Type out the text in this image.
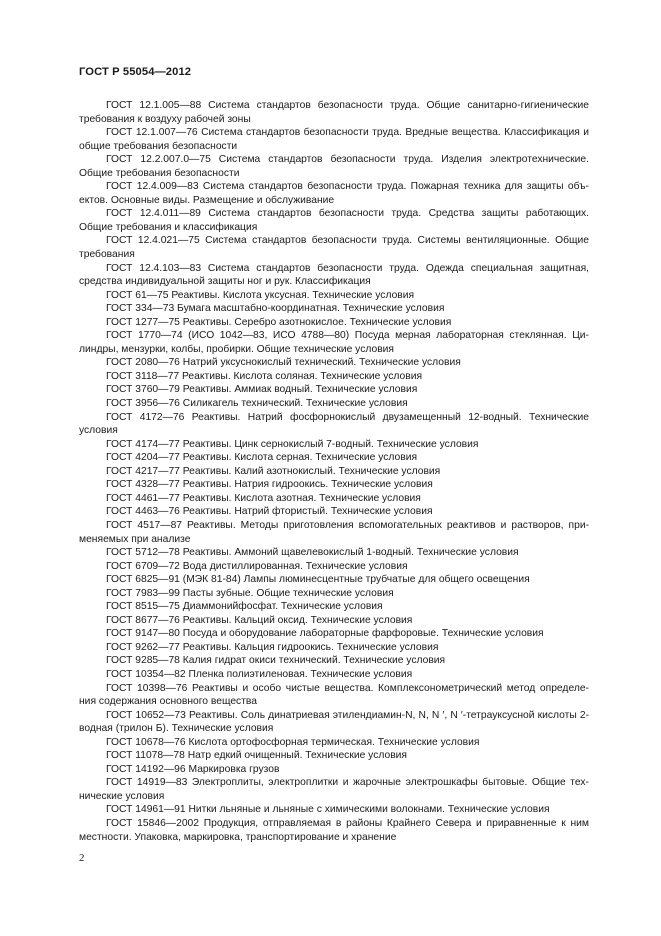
ГОСТ Р 55054—2012

ГОСТ 12.1.005—88 Система стандартов безопасности труда. Общие санитарно-гигиенические требования к воздуху рабочей зоны

ГОСТ 12.1.007—76 Система стандартов безопасности труда. Вредные вещества. Классификация и общие требования безопасности

ГОСТ 12.2.007.0—75 Система стандартов безопасности труда. Изделия электротехнические. Общие требования безопасности

ГОСТ 12.4.009—83 Система стандартов безопасности труда. Пожарная техника для защиты объ-ектов. Основные виды. Размещение и обслуживание

ГОСТ 12.4.011—89 Система стандартов безопасности труда. Средства защиты работающих. Общие требования и классификация

ГОСТ 12.4.021—75 Система стандартов безопасности труда. Системы вентиляционные. Общие требования

ГОСТ 12.4.103—83 Система стандартов безопасности труда. Одежда специальная защитная, средства индивидуальной защиты ног и рук. Классификация

ГОСТ 61—75 Реактивы. Кислота уксусная. Технические условия

ГОСТ 334—73 Бумага масштабно-координатная. Технические условия

ГОСТ 1277—75 Реактивы. Серебро азотнокислое. Технические условия

ГОСТ 1770—74 (ИСО 1042—83, ИСО 4788—80) Посуда мерная лабораторная стеклянная. Ци-линдры, мензурки, колбы, пробирки. Общие технические условия

ГОСТ 2080—76 Натрий уксуснокислый технический. Технические условия

ГОСТ 3118—77 Реактивы. Кислота соляная. Технические условия

ГОСТ 3760—79 Реактивы. Аммиак водный. Технические условия

ГОСТ 3956—76 Силикагель технический. Технические условия

ГОСТ 4172—76 Реактивы. Натрий фосфорнокислый двузамещенный 12-водный. Технические условия

ГОСТ 4174—77 Реактивы. Цинк сернокислый 7-водный. Технические условия

ГОСТ 4204—77 Реактивы. Кислота серная. Технические условия

ГОСТ 4217—77 Реактивы. Калий азотнокислый. Технические условия

ГОСТ 4328—77 Реактивы. Натрия гидроокись. Технические условия

ГОСТ 4461—77 Реактивы. Кислота азотная. Технические условия

ГОСТ 4463—76 Реактивы. Натрий фтористый. Технические условия

ГОСТ 4517—87 Реактивы. Методы приготовления вспомогательных реактивов и растворов, при-меняемых при анализе

ГОСТ 5712—78 Реактивы. Аммоний щавелевокислый 1-водный. Технические условия

ГОСТ 6709—72 Вода дистиллированная. Технические условия

ГОСТ 6825—91 (МЭК 81-84) Лампы люминесцентные трубчатые для общего освещения

ГОСТ 7983—99 Пасты зубные. Общие технические условия

ГОСТ 8515—75 Диаммонийфосфат. Технические условия

ГОСТ 8677—76 Реактивы. Кальций оксид. Технические условия

ГОСТ 9147—80 Посуда и оборудование лабораторные фарфоровые. Технические условия

ГОСТ 9262—77 Реактивы. Кальция гидроокись. Технические условия

ГОСТ 9285—78 Калия гидрат окиси технический. Технические условия

ГОСТ 10354—82 Пленка полиэтиленовая. Технические условия

ГОСТ 10398—76 Реактивы и особо чистые вещества. Комплексонометрический метод определе-ния содержания основного вещества

ГОСТ 10652—73 Реактивы. Соль динатриевая этилендиамин-N, N, N ′, N ′-тетрауксусной кислоты 2-водная (трилон Б). Технические условия

ГОСТ 10678—76 Кислота ортофосфорная термическая. Технические условия

ГОСТ 11078—78 Натр едкий очищенный. Технические условия

ГОСТ 14192—96 Маркировка грузов

ГОСТ 14919—83 Электроплиты, электроплитки и жарочные электрошкафы бытовые. Общие тех-нические условия

ГОСТ 14961—91 Нитки льняные и льняные с химическими волокнами. Технические условия

ГОСТ 15846—2002 Продукция, отправляемая в районы Крайнего Севера и приравненные к ним местности. Упаковка, маркировка, транспортирование и хранение

2
